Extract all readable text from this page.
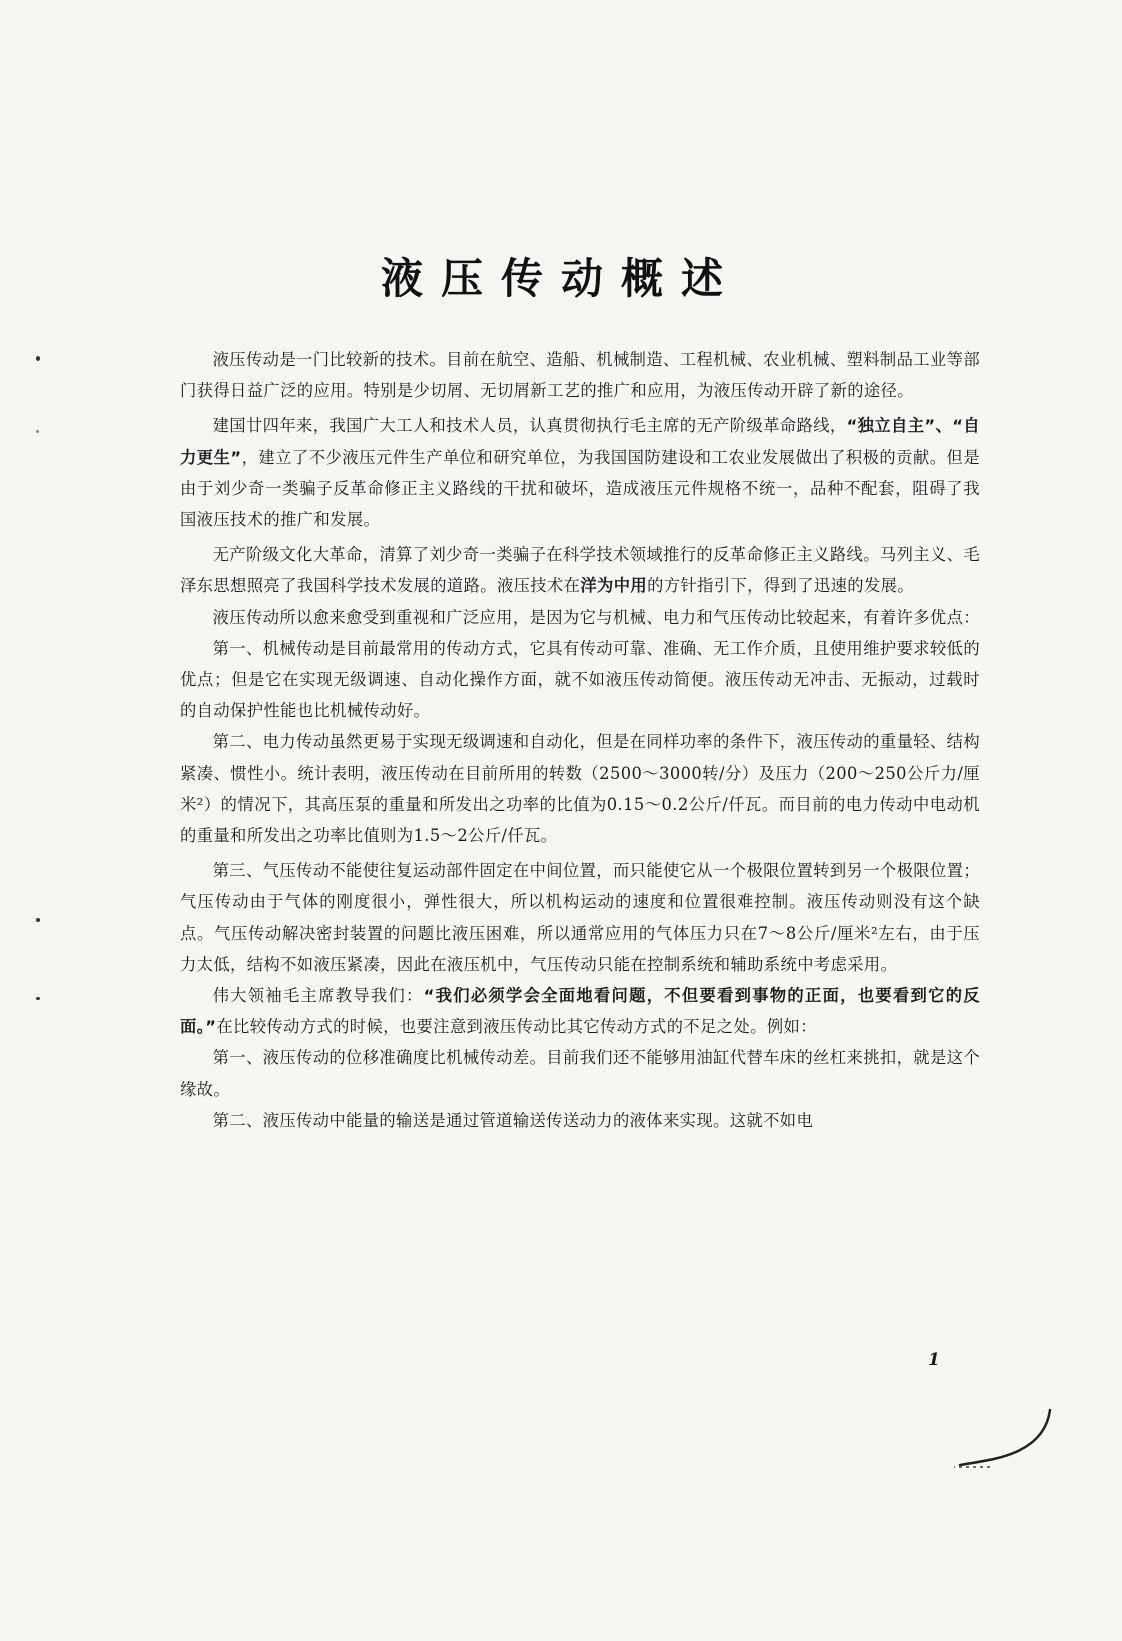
液压传动概述

液压传动是一门比较新的技术。目前在航空、造船、机械制造、工程机械、农业机械、塑料制品工业等部门获得日益广泛的应用。特别是少切屑、无切屑新工艺的推广和应用，为液压传动开辟了新的途径。

建国廿四年来，我国广大工人和技术人员，认真贯彻执行毛主席的无产阶级革命路线，“独立自主”、“自力更生”，建立了不少液压元件生产单位和研究单位，为我国国防建设和工农业发展做出了积极的贡献。但是由于刘少奇一类骗子反革命修正主义路线的干扰和破坏，造成液压元件规格不统一，品种不配套，阻碍了我国液压技术的推广和发展。

无产阶级文化大革命，清算了刘少奇一类骗子在科学技术领域推行的反革命修正主义路线。马列主义、毛泽东思想照亮了我国科学技术发展的道路。液压技术在洋为中用的方针指引下，得到了迅速的发展。

液压传动所以愈来愈受到重视和广泛应用，是因为它与机械、电力和气压传动比较起来，有着许多优点：

第一、机械传动是目前最常用的传动方式，它具有传动可靠、准确、无工作介质，且使用维护要求较低的优点；但是它在实现无级调速、自动化操作方面，就不如液压传动简便。液压传动无冲击、无振动，过载时的自动保护性能也比机械传动好。

第二、电力传动虽然更易于实现无级调速和自动化，但是在同样功率的条件下，液压传动的重量轻、结构紧凑、惯性小。统计表明，液压传动在目前所用的转数（2500～3000转/分）及压力（200～250公斤力/厘米²）的情况下，其高压泵的重量和所发出之功率的比值为0.15～0.2公斤/仟瓦。而目前的电力传动中电动机的重量和所发出之功率比值则为1.5～2公斤/仟瓦。

第三、气压传动不能使往复运动部件固定在中间位置，而只能使它从一个极限位置转到另一个极限位置；气压传动由于气体的刚度很小，弹性很大，所以机构运动的速度和位置很难控制。液压传动则没有这个缺点。气压传动解决密封装置的问题比液压困难，所以通常应用的气体压力只在7～8公斤/厘米²左右，由于压力太低，结构不如液压紧凑，因此在液压机中，气压传动只能在控制系统和辅助系统中考虑采用。

伟大领袖毛主席教导我们：“我们必须学会全面地看问题，不但要看到事物的正面，也要看到它的反面。”在比较传动方式的时候，也要注意到液压传动比其它传动方式的不足之处。例如：

第一、液压传动的位移准确度比机械传动差。目前我们还不能够用油缸代替车床的丝杠来挑扣，就是这个缘故。

第二、液压传动中能量的输送是通过管道输送传送动力的液体来实现。这就不如电

1
